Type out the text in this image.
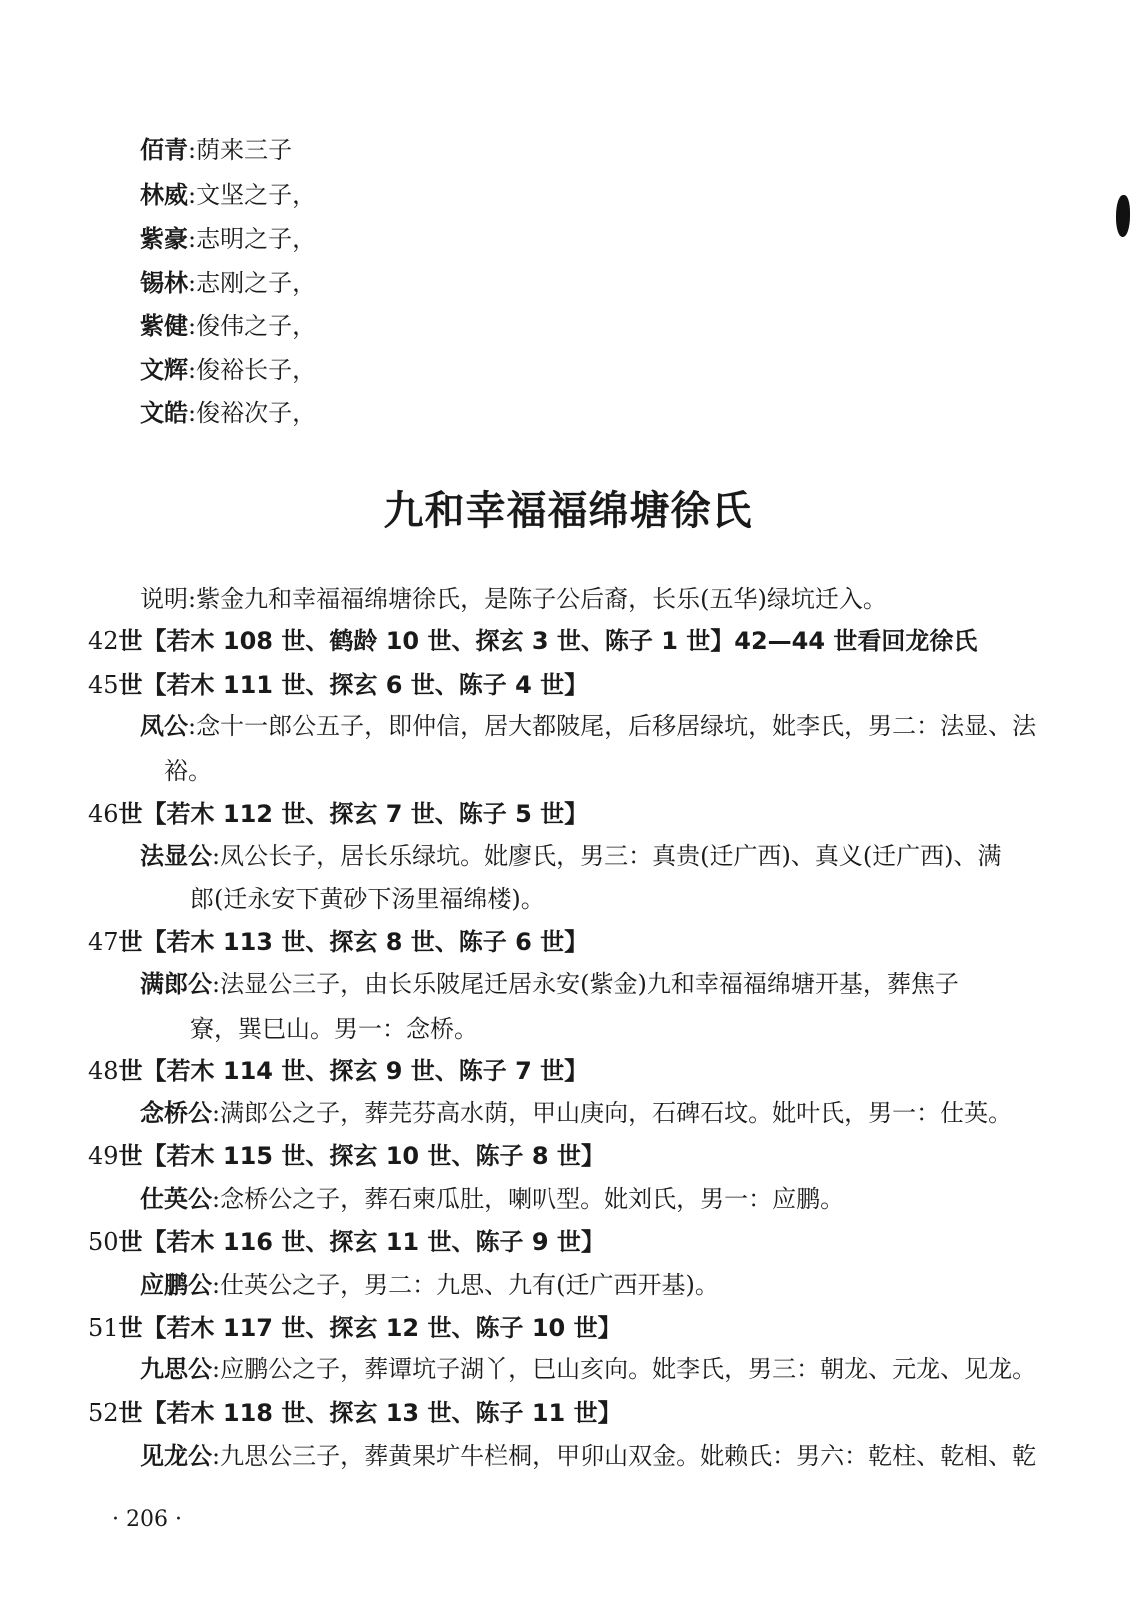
佰青:荫来三子
林威:文坚之子，
紫豪:志明之子，
锡林:志刚之子，
紫健:俊伟之子，
文辉:俊裕长子，
文皓:俊裕次子，
九和幸福福绵塘徐氏
说明:紫金九和幸福福绵塘徐氏，是陈子公后裔，长乐(五华)绿坑迁入。
42世【若木 108 世、鹤龄 10 世、探玄 3 世、陈子 1 世】42—44 世看回龙徐氏
45世【若木 111 世、探玄 6 世、陈子 4 世】
凤公:念十一郎公五子，即仲信，居大都陂尾，后移居绿坑，妣李氏，男二：法显、法
裕。
46世【若木 112 世、探玄 7 世、陈子 5 世】
法显公:凤公长子，居长乐绿坑。妣廖氏，男三：真贵(迁广西)、真义(迁广西)、满
郎(迁永安下黄砂下汤里福绵楼)。
47世【若木 113 世、探玄 8 世、陈子 6 世】
满郎公:法显公三子，由长乐陂尾迁居永安(紫金)九和幸福福绵塘开基，葬焦子
寮，巽巳山。男一：念桥。
48世【若木 114 世、探玄 9 世、陈子 7 世】
念桥公:满郎公之子，葬芫芬高水荫，甲山庚向，石碑石坟。妣叶氏，男一：仕英。
49世【若木 115 世、探玄 10 世、陈子 8 世】
仕英公:念桥公之子，葬石柬瓜肚，喇叭型。妣刘氏，男一：应鹏。
50世【若木 116 世、探玄 11 世、陈子 9 世】
应鹏公:仕英公之子，男二：九思、九有(迁广西开基)。
51世【若木 117 世、探玄 12 世、陈子 10 世】
九思公:应鹏公之子，葬谭坑子湖丫，巳山亥向。妣李氏，男三：朝龙、元龙、见龙。
52世【若木 118 世、探玄 13 世、陈子 11 世】
见龙公:九思公三子，葬黄果圹牛栏桐，甲卯山双金。妣赖氏：男六：乾柱、乾相、乾
· 206 ·
